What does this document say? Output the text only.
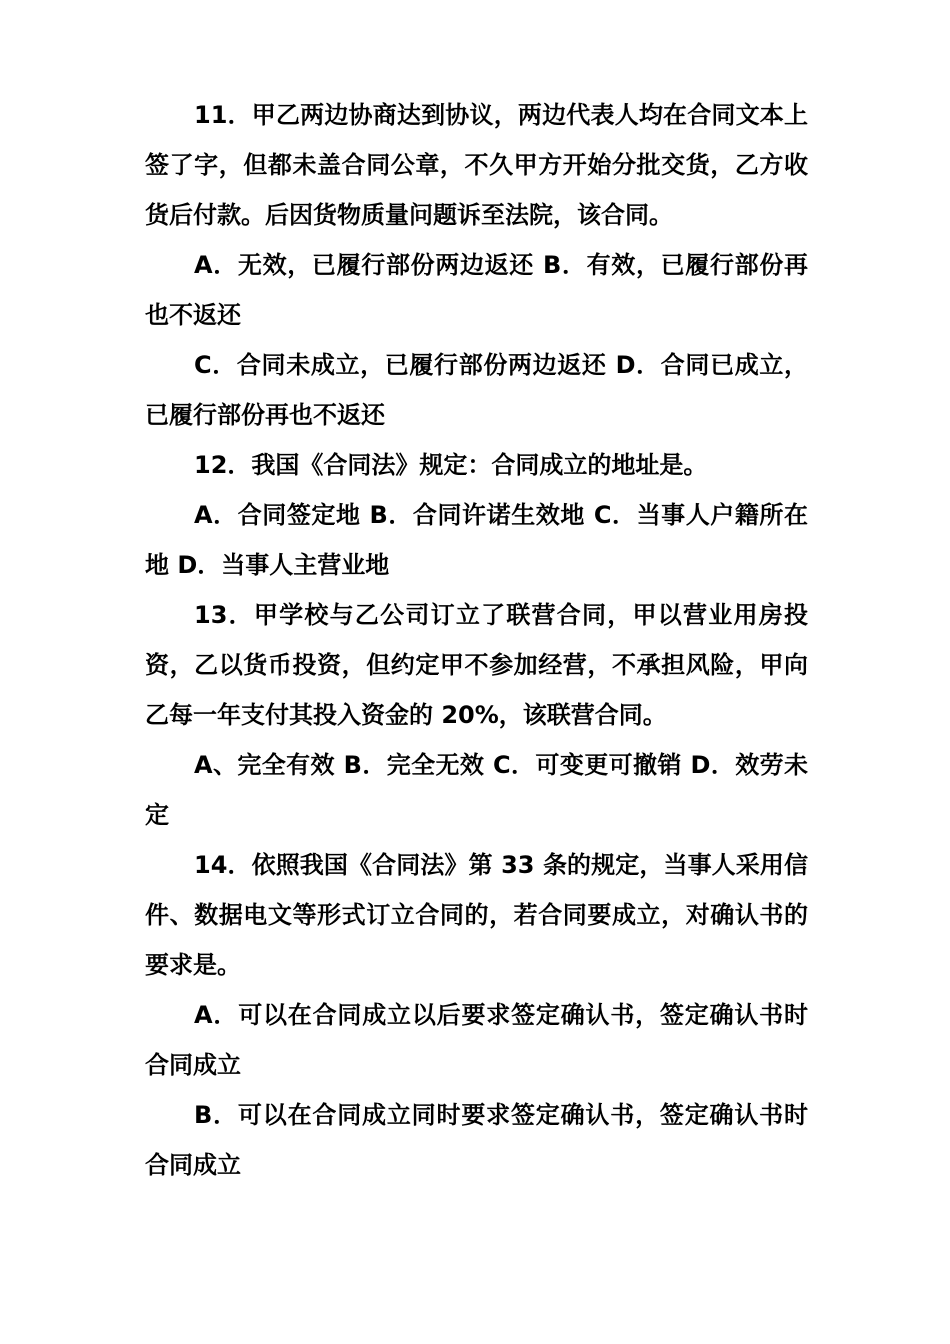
11．甲乙两边协商达到协议，两边代表人均在合同文本上签了字，但都未盖合同公章，不久甲方开始分批交货，乙方收货后付款。后因货物质量问题诉至法院，该合同。

A．无效，已履行部份两边返还 B．有效，已履行部份再也不返还

C．合同未成立，已履行部份两边返还 D．合同已成立，已履行部份再也不返还

12．我国《合同法》规定：合同成立的地址是。

A．合同签定地 B．合同许诺生效地 C．当事人户籍所在地 D．当事人主营业地

13．甲学校与乙公司订立了联营合同，甲以营业用房投资，乙以货币投资，但约定甲不参加经营，不承担风险，甲向乙每一年支付其投入资金的 20%，该联营合同。

A、完全有效 B．完全无效 C．可变更可撤销 D．效劳未定

14．依照我国《合同法》第 33 条的规定，当事人采用信件、数据电文等形式订立合同的，若合同要成立，对确认书的要求是。

A．可以在合同成立以后要求签定确认书，签定确认书时合同成立

B．可以在合同成立同时要求签定确认书，签定确认书时合同成立
